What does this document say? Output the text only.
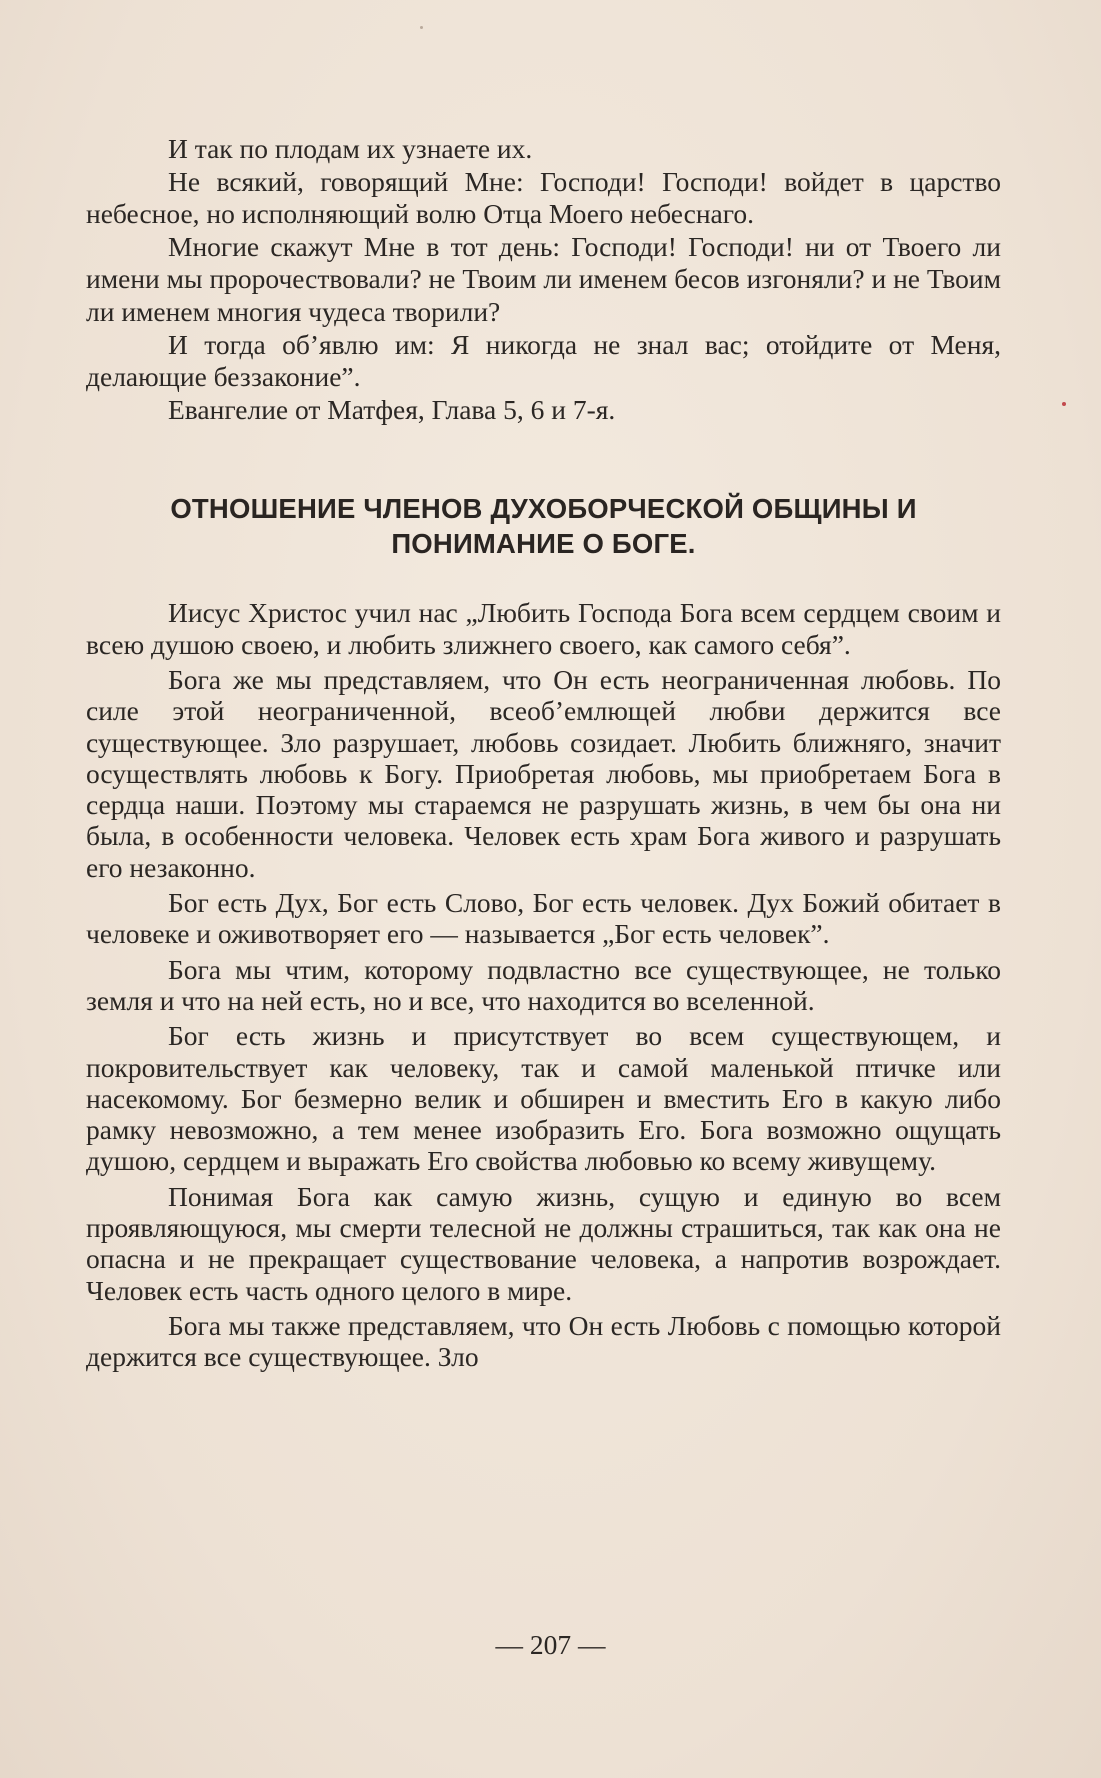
И так по плодам их узнаете их.

Не всякий, говорящий Мне: Господи! Господи! войдет в царство небесное, но исполняющий волю Отца Моего небеснаго.

Многие скажут Мне в тот день: Господи! Господи! ни от Твоего ли имени мы пророчествовали? не Твоим ли именем бесов изгоняли? и не Твоим ли именем многия чудеса творили?

И тогда об’явлю им: Я никогда не знал вас; отойдите от Меня, делающие беззаконие”.

Евангелие от Матфея, Глава 5, 6 и 7-я.

ОТНОШЕНИЕ ЧЛЕНОВ ДУХОБОРЧЕСКОЙ ОБЩИНЫ И
ПОНИМАНИЕ О БОГЕ.

Иисус Христос учил нас „Любить Господа Бога всем сердцем своим и всею душою своею, и любить злижнего своего, как самого себя”.

Бога же мы представляем, что Он есть неограниченная любовь. По силе этой неограниченной, всеоб’емлющей любви держится все существующее. Зло разрушает, любовь созидает. Любить ближняго, значит осуществлять любовь к Богу. Приобретая любовь, мы приобретаем Бога в сердца наши. Поэтому мы стараемся не разрушать жизнь, в чем бы она ни была, в особенности человека. Человек есть храм Бога живого и разрушать его незаконно.

Бог есть Дух, Бог есть Слово, Бог есть человек. Дух Божий обитает в человеке и оживотворяет его — называется „Бог есть человек”.

Бога мы чтим, которому подвластно все существующее, не только земля и что на ней есть, но и все, что находится во вселенной.

Бог есть жизнь и присутствует во всем существующем, и покровительствует как человеку, так и самой маленькой птичке или насекомому. Бог безмерно велик и обширен и вместить Его в какую либо рамку невозможно, а тем менее изобразить Его. Бога возможно ощущать душою, сердцем и выражать Его свойства любовью ко всему живущему.

Понимая Бога как самую жизнь, сущую и единую во всем проявляющуюся, мы смерти телесной не должны страшиться, так как она не опасна и не прекращает существование человека, а напротив возрождает. Человек есть часть одного целого в мире.

Бога мы также представляем, что Он есть Любовь с помощью которой держится все существующее. Зло

— 207 —
